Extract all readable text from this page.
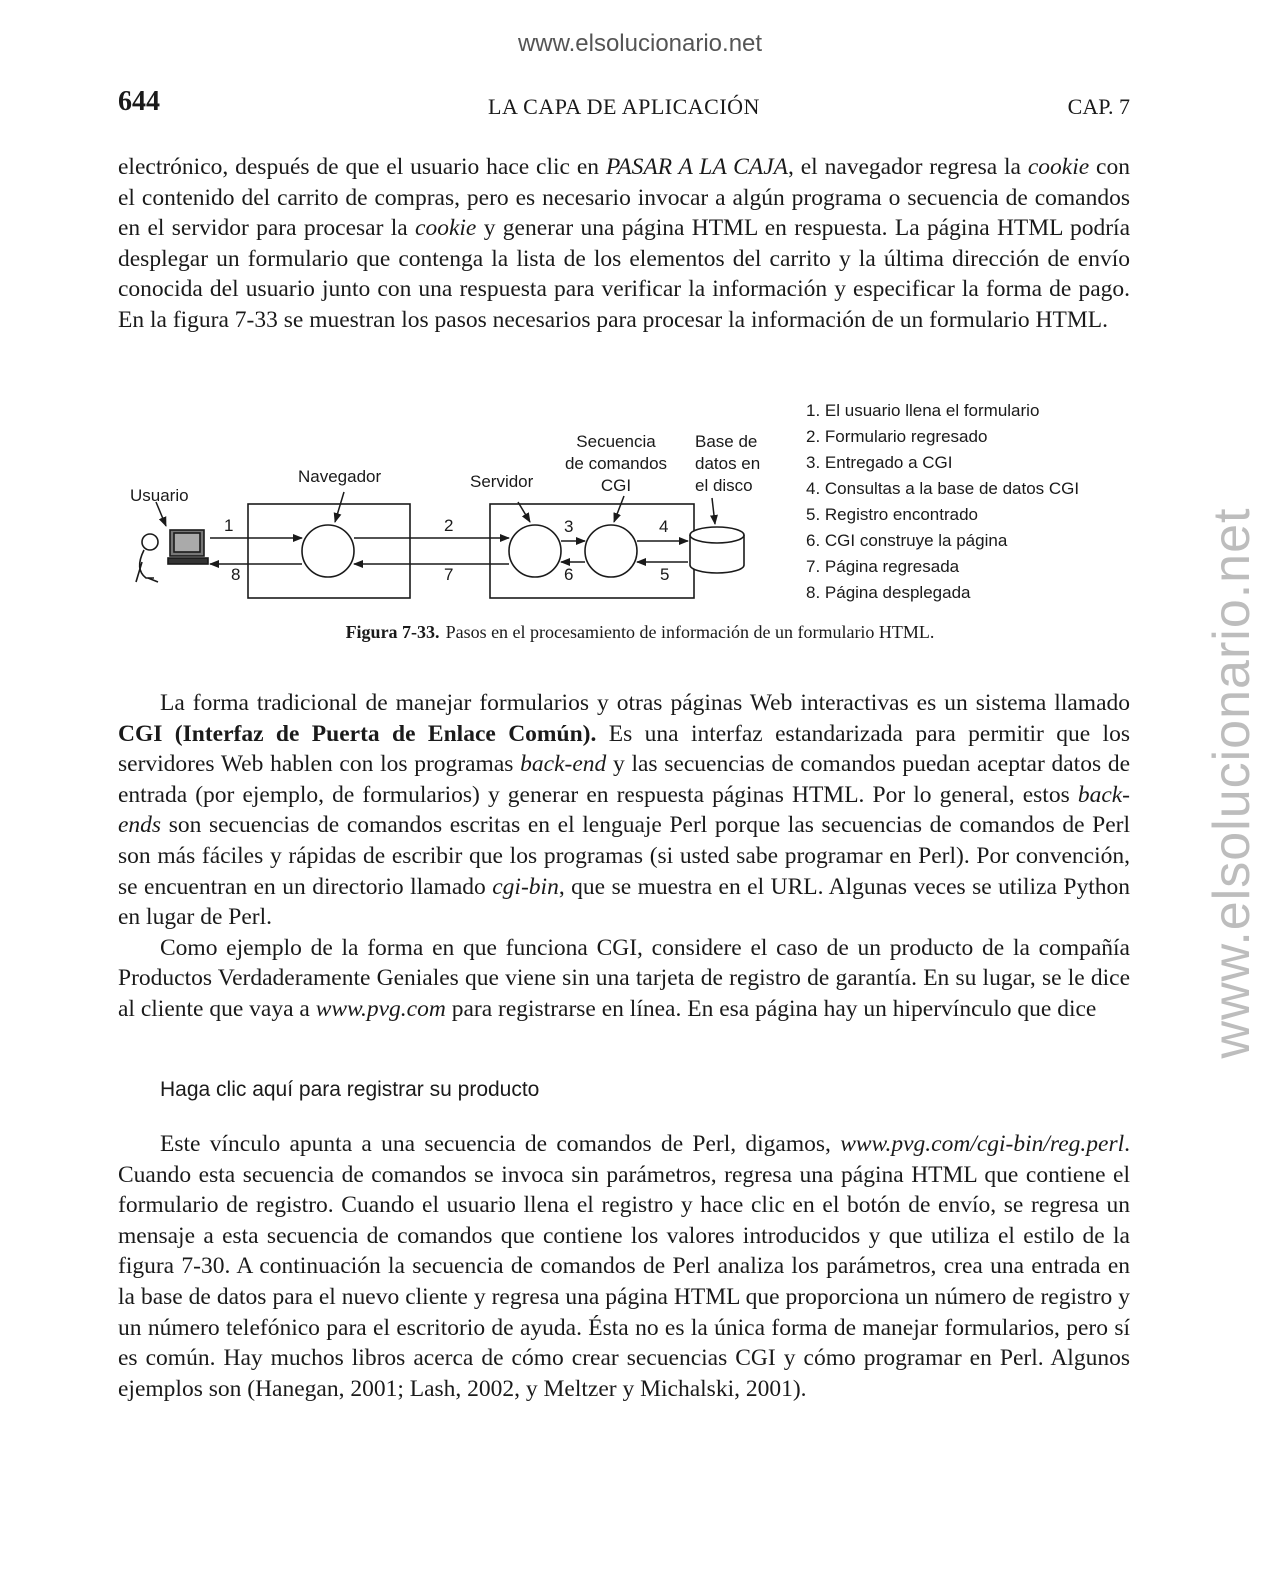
www.elsolucionario.net
www.elsolucionario.net
644	LA CAPA DE APLICACIÓN	CAP. 7

electrónico, después de que el usuario hace clic en PASAR A LA CAJA, el navegador regresa la cookie con el contenido del carrito de compras, pero es necesario invocar a algún programa o secuencia de comandos en el servidor para procesar la cookie y generar una página HTML en respuesta. La página HTML podría desplegar un formulario que contenga la lista de los elementos del carrito y la última dirección de envío conocida del usuario junto con una respuesta para verificar la información y especificar la forma de pago. En la figura 7-33 se muestran los pasos necesarios para procesar la información de un formulario HTML.

Usuario
Navegador	Servidor
Secuencia
de comandos
CGI
Base de
datos en
el disco
1	2	3	4
5
6
7
8
1. El usuario llena el formulario
2. Formulario regresado
3. Entregado a CGI
4. Consultas a la base de datos CGI
5. Registro encontrado
6. CGI construye la página
7. Página regresada
8. Página desplegada
Figura 7-33. Pasos en el procesamiento de información de un formulario HTML.

La forma tradicional de manejar formularios y otras páginas Web interactivas es un sistema llamado CGI (Interfaz de Puerta de Enlace Común). Es una interfaz estandarizada para permitir que los servidores Web hablen con los programas back-end y las secuencias de comandos puedan aceptar datos de entrada (por ejemplo, de formularios) y generar en respuesta páginas HTML. Por lo general, estos back-ends son secuencias de comandos escritas en el lenguaje Perl porque las secuencias de comandos de Perl son más fáciles y rápidas de escribir que los programas (si usted sabe programar en Perl). Por convención, se encuentran en un directorio llamado cgi-bin, que se muestra en el URL. Algunas veces se utiliza Python en lugar de Perl.

Como ejemplo de la forma en que funciona CGI, considere el caso de un producto de la compañía Productos Verdaderamente Geniales que viene sin una tarjeta de registro de garantía. En su lugar, se le dice al cliente que vaya a www.pvg.com para registrarse en línea. En esa página hay un hipervínculo que dice

Haga clic aquí para registrar su producto

Este vínculo apunta a una secuencia de comandos de Perl, digamos, www.pvg.com/cgi-bin/reg.perl. Cuando esta secuencia de comandos se invoca sin parámetros, regresa una página HTML que contiene el formulario de registro. Cuando el usuario llena el registro y hace clic en el botón de envío, se regresa un mensaje a esta secuencia de comandos que contiene los valores introducidos y que utiliza el estilo de la figura 7-30. A continuación la secuencia de comandos de Perl analiza los parámetros, crea una entrada en la base de datos para el nuevo cliente y regresa una página HTML que proporciona un número de registro y un número telefónico para el escritorio de ayuda. Ésta no es la única forma de manejar formularios, pero sí es común. Hay muchos libros acerca de cómo crear secuencias CGI y cómo programar en Perl. Algunos ejemplos son (Hanegan, 2001; Lash, 2002, y Meltzer y Michalski, 2001).
